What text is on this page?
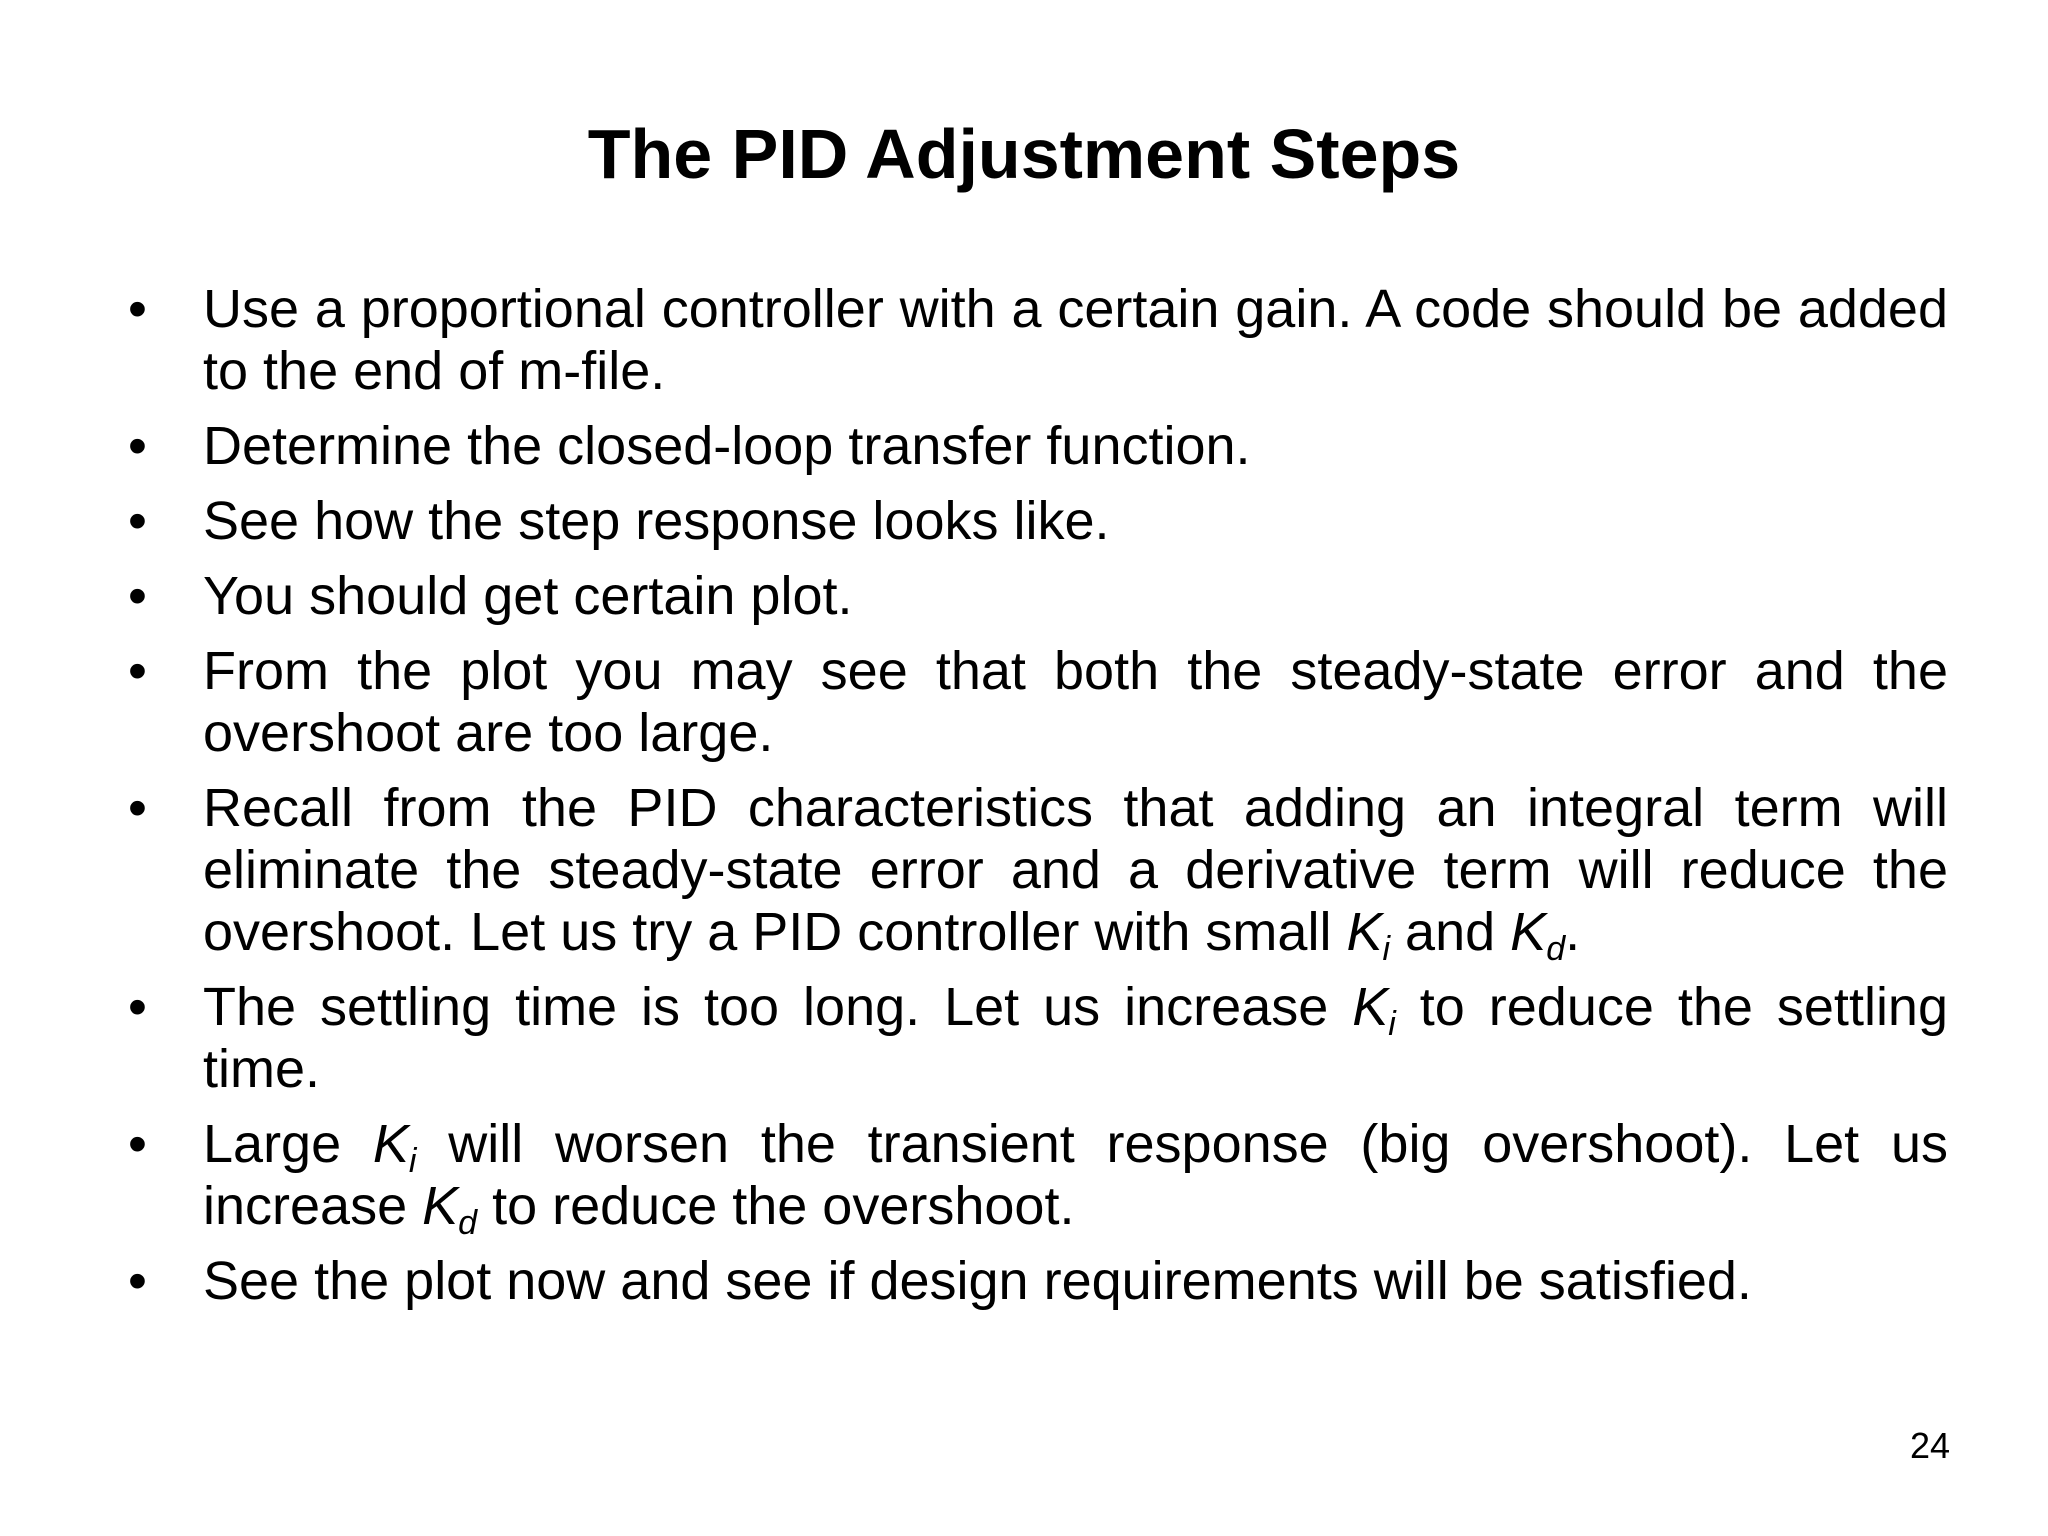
The PID Adjustment Steps
• Use a proportional controller with a certain gain. A code should be added to the end of m-file.
• Determine the closed-loop transfer function.
• See how the step response looks like.
• You should get certain plot.
• From the plot you may see that both the steady-state error and the overshoot are too large.
• Recall from the PID characteristics that adding an integral term will eliminate the steady-state error and a derivative term will reduce the overshoot. Let us try a PID controller with small Ki and Kd.
• The settling time is too long. Let us increase Ki to reduce the settling time.
• Large Ki will worsen the transient response (big overshoot). Let us increase Kd to reduce the overshoot.
• See the plot now and see if design requirements will be satisfied.
24
